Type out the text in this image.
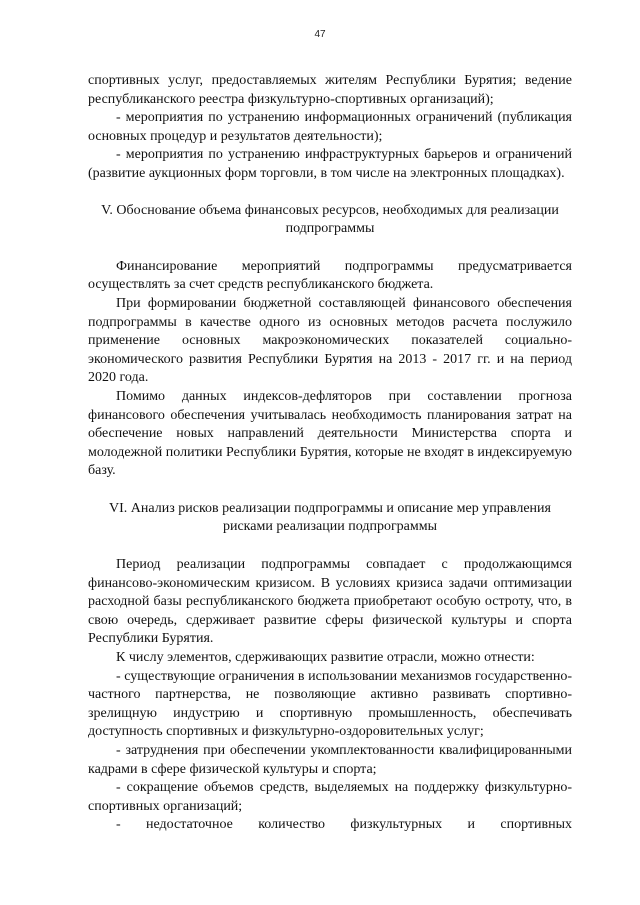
47

спортивных услуг, предоставляемых жителям Республики Бурятия; ведение республиканского реестра физкультурно-спортивных организаций);

- мероприятия по устранению информационных ограничений (публикация основных процедур и результатов деятельности);

- мероприятия по устранению инфраструктурных барьеров и ограничений (развитие аукционных форм торговли, в том числе на электронных площадках).

V. Обоснование объема финансовых ресурсов, необходимых для реализации подпрограммы

Финансирование мероприятий подпрограммы предусматривается осуществлять за счет средств республиканского бюджета.

При формировании бюджетной составляющей финансового обеспечения подпрограммы в качестве одного из основных методов расчета послужило применение основных макроэкономических показателей социально-экономического развития Республики Бурятия на 2013 - 2017 гг. и на период 2020 года.

Помимо данных индексов-дефляторов при составлении прогноза финансового обеспечения учитывалась необходимость планирования затрат на обеспечение новых направлений деятельности Министерства спорта и молодежной политики Республики Бурятия, которые не входят в индексируемую базу.

VI. Анализ рисков реализации подпрограммы и описание мер управления рисками реализации подпрограммы

Период реализации подпрограммы совпадает с продолжающимся финансово-экономическим кризисом. В условиях кризиса задачи оптимизации расходной базы республиканского бюджета приобретают особую остроту, что, в свою очередь, сдерживает развитие сферы физической культуры и спорта Республики Бурятия.

К числу элементов, сдерживающих развитие отрасли, можно отнести:

- существующие ограничения в использовании механизмов государственно-частного партнерства, не позволяющие активно развивать спортивно-зрелищную индустрию и спортивную промышленность, обеспечивать доступность спортивных и физкультурно-оздоровительных услуг;

- затруднения при обеспечении укомплектованности квалифицированными кадрами в сфере физической культуры и спорта;

- сокращение объемов средств, выделяемых на поддержку физкультурно-спортивных организаций;

- недостаточное количество физкультурных и спортивных
